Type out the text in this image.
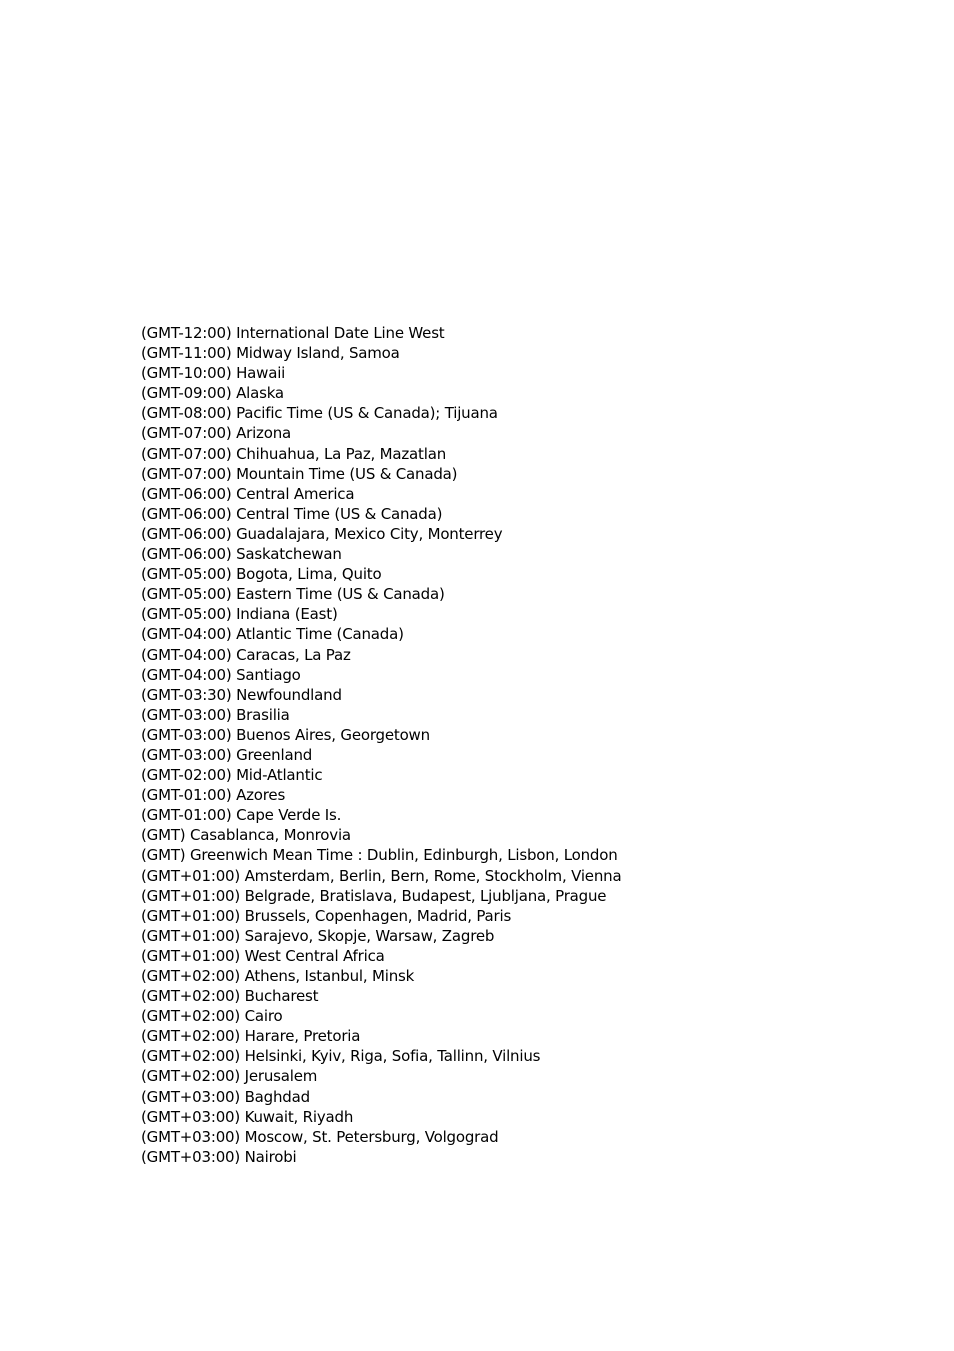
(GMT-12:00) International Date Line West
(GMT-11:00) Midway Island, Samoa
(GMT-10:00) Hawaii
(GMT-09:00) Alaska
(GMT-08:00) Pacific Time (US & Canada); Tijuana
(GMT-07:00) Arizona
(GMT-07:00) Chihuahua, La Paz, Mazatlan
(GMT-07:00) Mountain Time (US & Canada)
(GMT-06:00) Central America
(GMT-06:00) Central Time (US & Canada)
(GMT-06:00) Guadalajara, Mexico City, Monterrey
(GMT-06:00) Saskatchewan
(GMT-05:00) Bogota, Lima, Quito
(GMT-05:00) Eastern Time (US & Canada)
(GMT-05:00) Indiana (East)
(GMT-04:00) Atlantic Time (Canada)
(GMT-04:00) Caracas, La Paz
(GMT-04:00) Santiago
(GMT-03:30) Newfoundland
(GMT-03:00) Brasilia
(GMT-03:00) Buenos Aires, Georgetown
(GMT-03:00) Greenland
(GMT-02:00) Mid-Atlantic
(GMT-01:00) Azores
(GMT-01:00) Cape Verde Is.
(GMT) Casablanca, Monrovia
(GMT) Greenwich Mean Time : Dublin, Edinburgh, Lisbon, London
(GMT+01:00) Amsterdam, Berlin, Bern, Rome, Stockholm, Vienna
(GMT+01:00) Belgrade, Bratislava, Budapest, Ljubljana, Prague
(GMT+01:00) Brussels, Copenhagen, Madrid, Paris
(GMT+01:00) Sarajevo, Skopje, Warsaw, Zagreb
(GMT+01:00) West Central Africa
(GMT+02:00) Athens, Istanbul, Minsk
(GMT+02:00) Bucharest
(GMT+02:00) Cairo
(GMT+02:00) Harare, Pretoria
(GMT+02:00) Helsinki, Kyiv, Riga, Sofia, Tallinn, Vilnius
(GMT+02:00) Jerusalem
(GMT+03:00) Baghdad
(GMT+03:00) Kuwait, Riyadh
(GMT+03:00) Moscow, St. Petersburg, Volgograd
(GMT+03:00) Nairobi
